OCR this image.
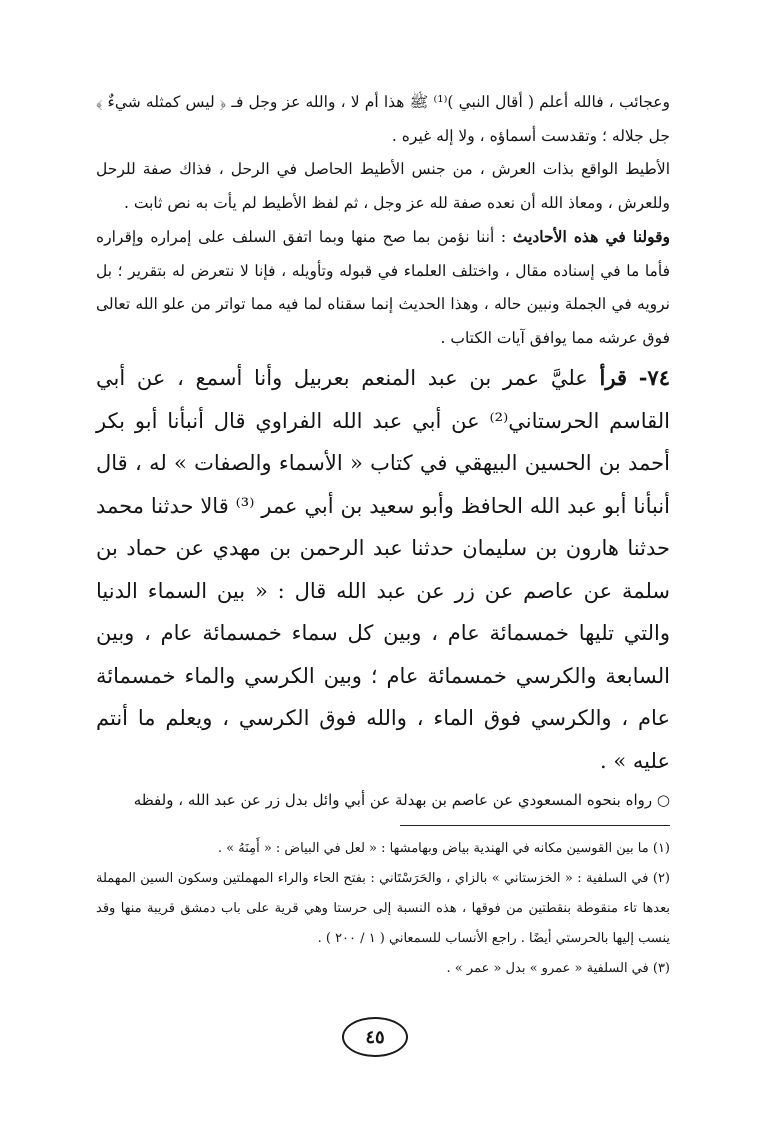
وعجائب ، فالله أعلم ( أقال النبي )⁽¹⁾ ﷺ هذا أم لا ، والله عز وجل فـ ﴿ ليس كمثله شيءٌ ﴾ جل جلاله ؛ وتقدست أسماؤه ، ولا إله غيره .

الأطيط الواقع بذات العرش ، من جنس الأطيط الحاصل في الرحل ، فذاك صفة للرحل وللعرش ، ومعاذ الله أن نعده صفة لله عز وجل ، ثم لفظ الأطيط لم يأت به نص ثابت .

وقولنا في هذه الأحاديث : أننا نؤمن بما صح منها وبما اتفق السلف على إمراره وإقراره فأما ما في إسناده مقال ، واختلف العلماء في قبوله وتأويله ، فإنا لا نتعرض له بتقرير ؛ بل نرويه في الجملة ونبين حاله ، وهذا الحديث إنما سقناه لما فيه مما تواتر من علو الله تعالى فوق عرشه مما يوافق آيات الكتاب .

٧٤- قرأ عليَّ عمر بن عبد المنعم بعربيل وأنا أسمع ، عن أبي القاسم الحرستاني⁽²⁾ عن أبي عبد الله الفراوي قال أنبأنا أبو بكر أحمد بن الحسين البيهقي في كتاب « الأسماء والصفات » له ، قال أنبأنا أبو عبد الله الحافظ وأبو سعيد بن أبي عمر ⁽³⁾ قالا حدثنا محمد حدثنا هارون بن سليمان حدثنا عبد الرحمن بن مهدي عن حماد بن سلمة عن عاصم عن زر عن عبد الله قال : « بين السماء الدنيا والتي تليها خمسمائة عام ، وبين كل سماء خمسمائة عام ، وبين السابعة والكرسي خمسمائة عام ؛ وبين الكرسي والماء خمسمائة عام ، والكرسي فوق الماء ، والله فوق الكرسي ، ويعلم ما أنتم عليه » .

○ رواه بنحوه المسعودي عن عاصم بن بهدلة عن أبي وائل بدل زر عن عبد الله ، ولفظه

(١) ما بين القوسين مكانه في الهندية بياض وبهامشها : « لعل في البياض : « أَمِنَهُ » .

(٢) في السلفية : « الخزستاني » بالزاي ، والحَرَسْتَاني : بفتح الحاء والراء المهملتين وسكون السين المهملة بعدها تاء منقوطة بنقطتين من فوقها ، هذه النسبة إلى حرستا وهي قرية على باب دمشق قريبة منها وقد ينسب إليها بالحرستي أيضًا . راجع الأنساب للسمعاني ( ١ / ٢٠٠ ) .

(٣) في السلفية « عمرو » بدل « عمر » .

٤٥
